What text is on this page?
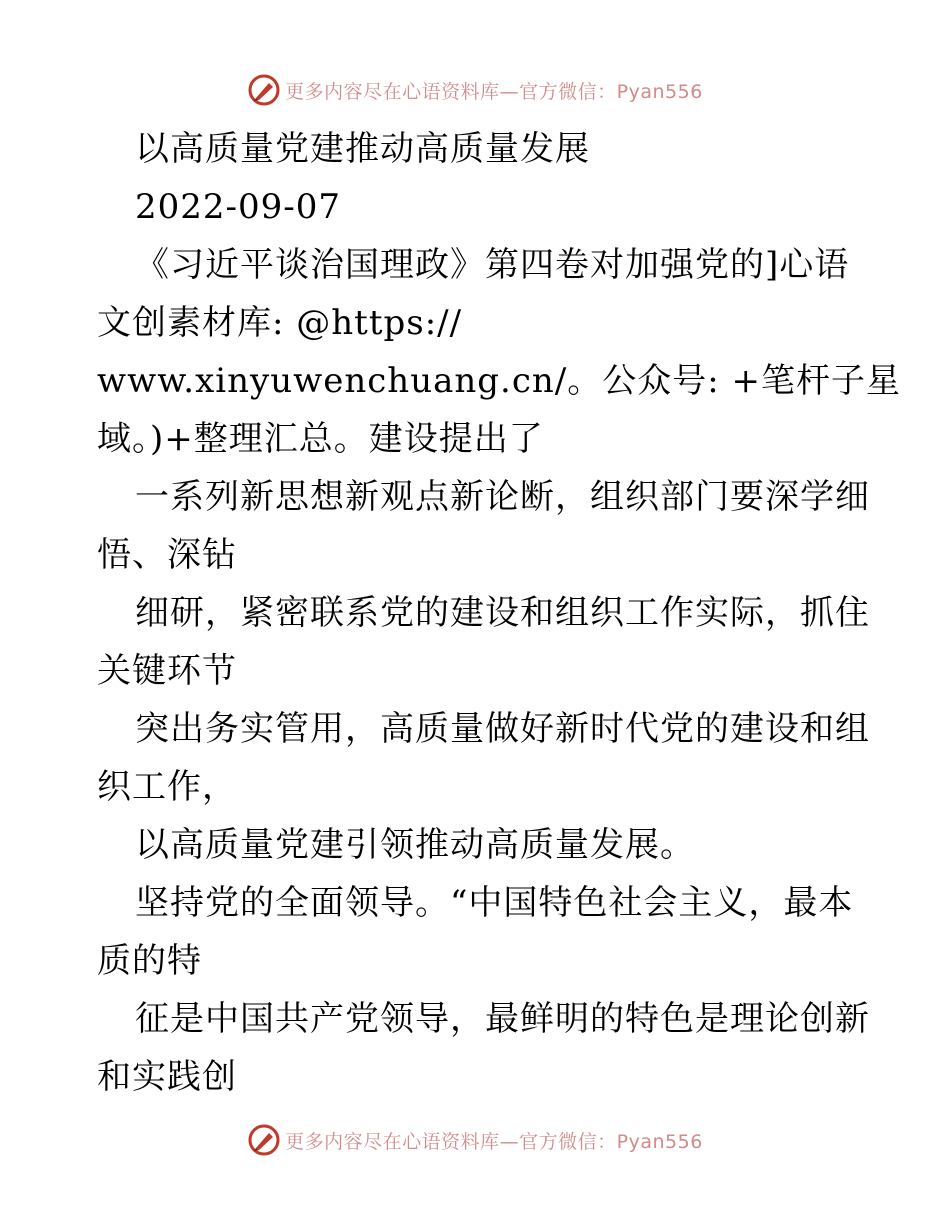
更多内容尽在心语资料库—官方微信：Pyan556
以高质量党建推动高质量发展
2022-09-07
《习近平谈治国理政》第四卷对加强党的]心语
文创素材库: @https://
www.xinyuwenchuang.cn/。公众号: +笔杆子星
域。)+整理汇总。建设提出了
一系列新思想新观点新论断，组织部门要深学细
悟、深钻
细研，紧密联系党的建设和组织工作实际，抓住
关键环节
突出务实管用，高质量做好新时代党的建设和组
织工作，
以高质量党建引领推动高质量发展。
坚持党的全面领导。“中国特色社会主义，最本
质的特
征是中国共产党领导，最鲜明的特色是理论创新
和实践创
更多内容尽在心语资料库—官方微信：Pyan556
